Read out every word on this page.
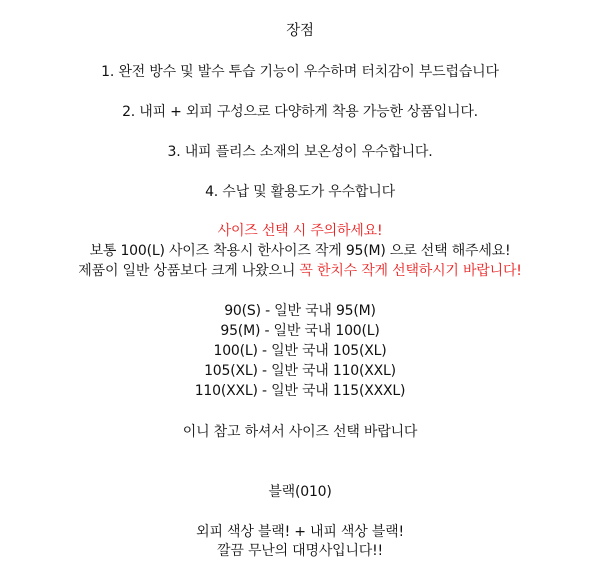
장점
1. 완전 방수 및 발수 투습 기능이 우수하며 터치감이 부드럽습니다
2. 내피 + 외피 구성으로 다양하게 착용 가능한 상품입니다.
3. 내피 플리스 소재의 보온성이 우수합니다.
4. 수납 및 활용도가 우수합니다
사이즈 선택 시 주의하세요!
보통 100(L) 사이즈 착용시 한사이즈 작게 95(M) 으로 선택 해주세요!
제품이 일반 상품보다 크게 나왔으니 꼭 한치수 작게 선택하시기 바랍니다!
90(S) - 일반 국내 95(M)
95(M) - 일반 국내 100(L)
100(L) - 일반 국내 105(XL)
105(XL) - 일반 국내 110(XXL)
110(XXL) - 일반 국내 115(XXXL)
이니 참고 하셔서 사이즈 선택 바랍니다
블랙(010)
외피 색상 블랙! + 내피 색상 블랙!
깔끔 무난의 대명사입니다!!
